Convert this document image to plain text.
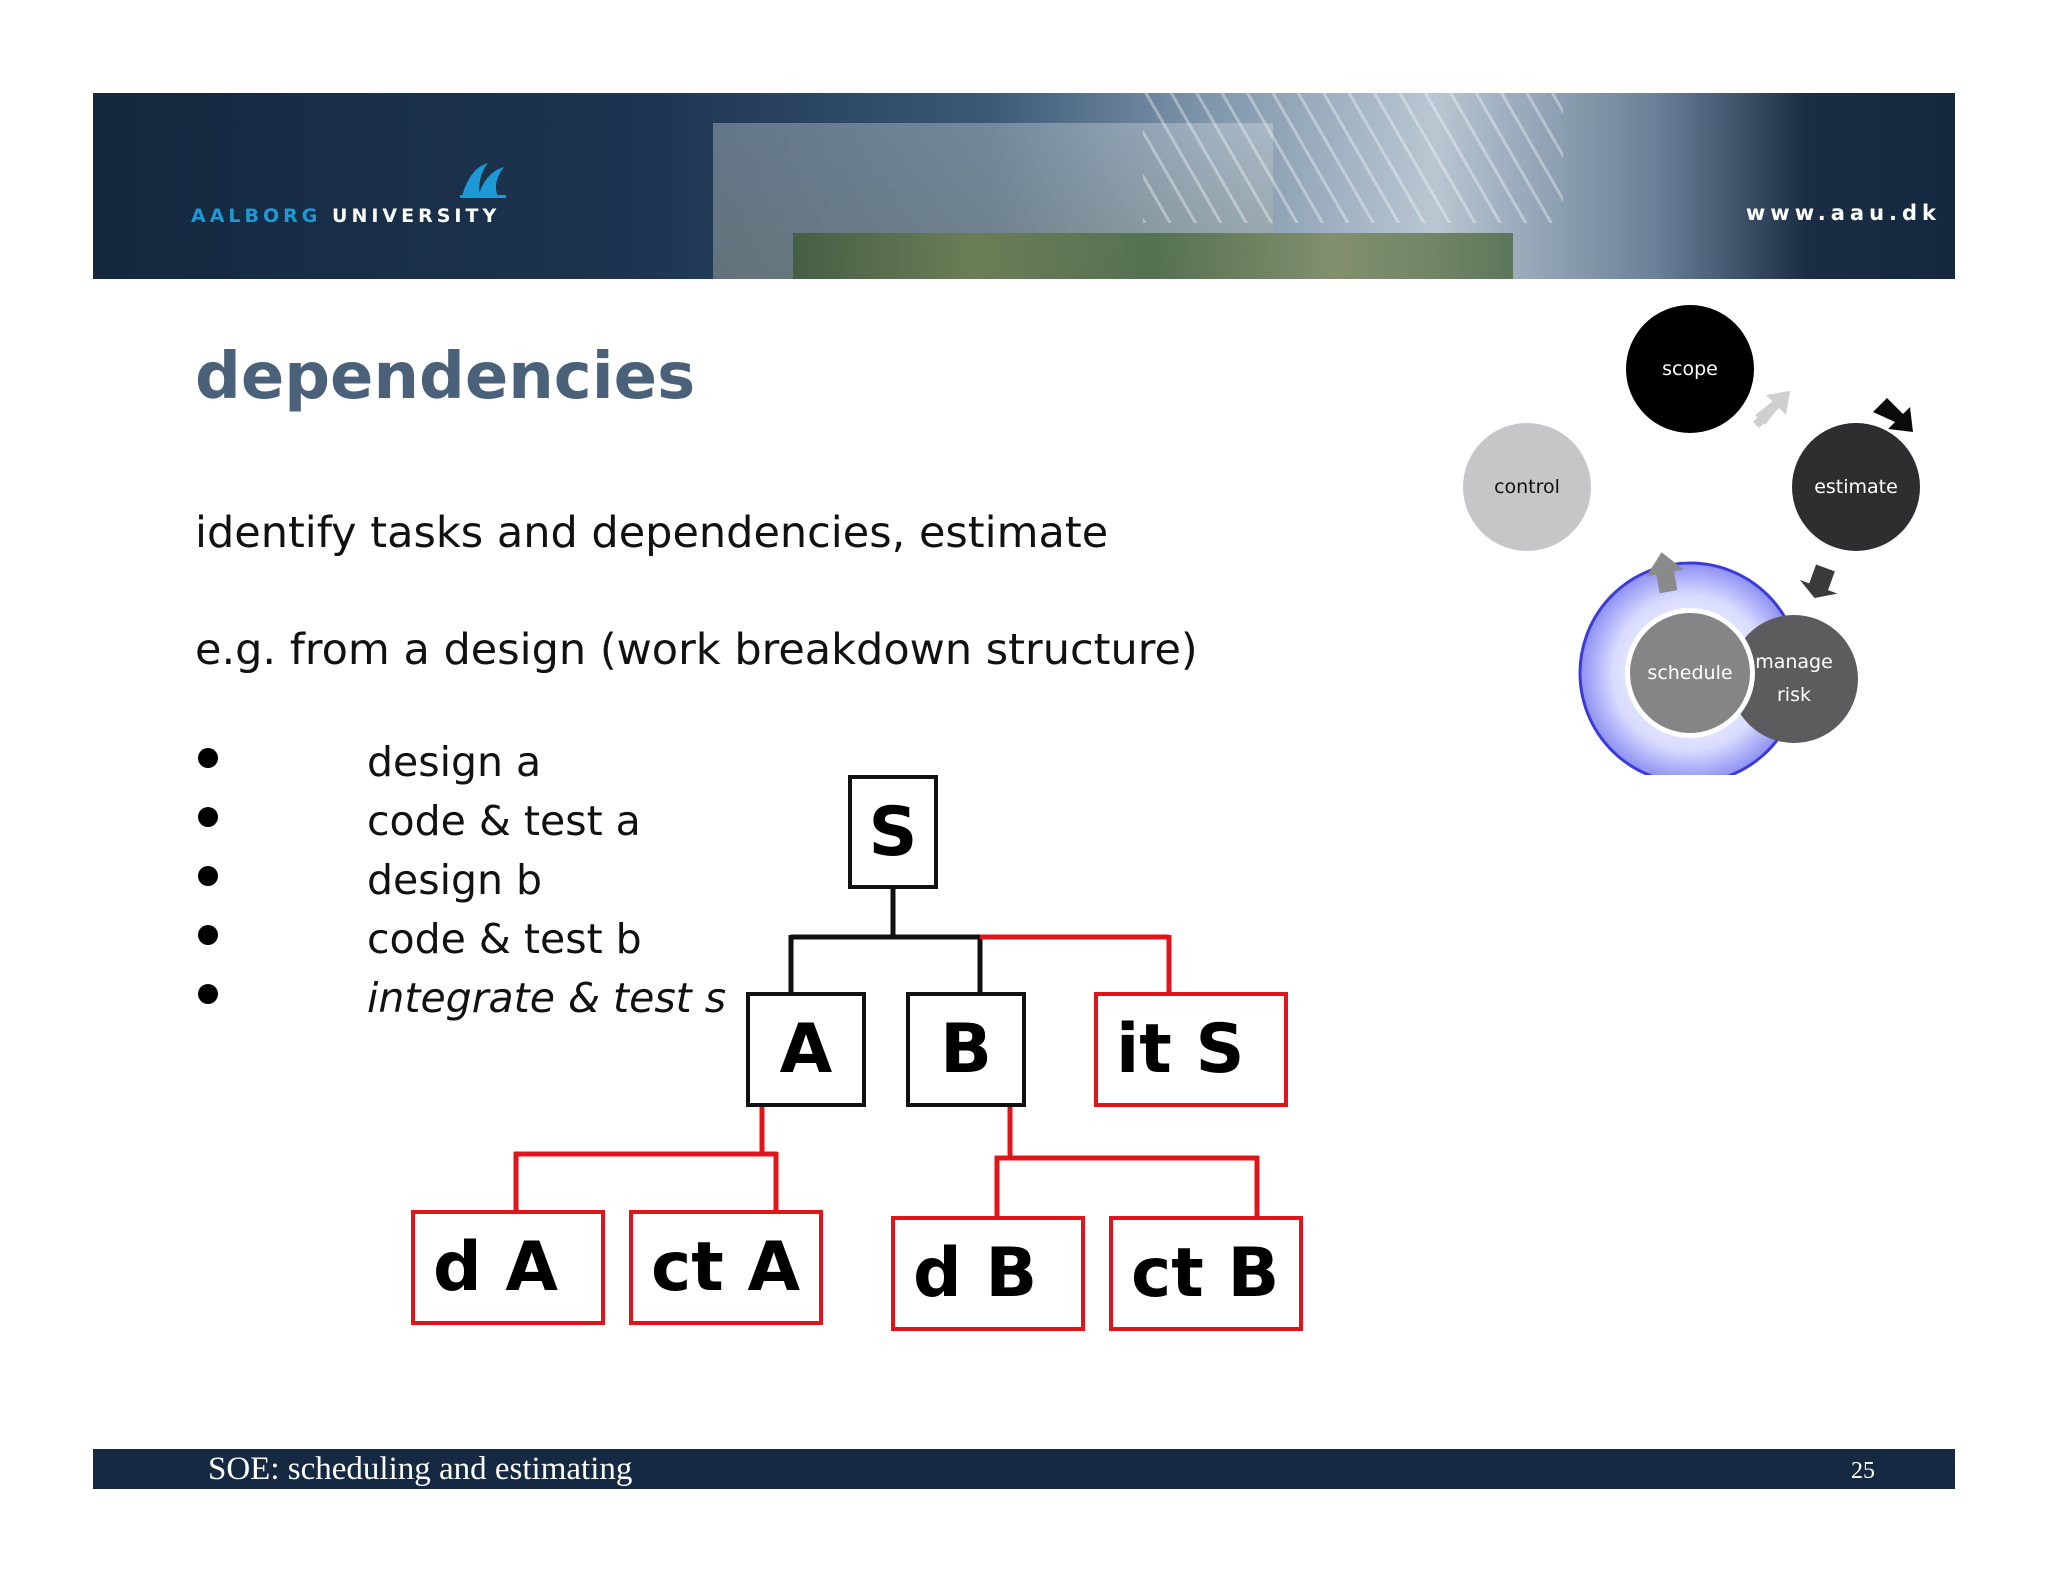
AALBORG UNIVERSITY	www.aau.dk
dependencies
identify tasks and dependencies, estimate
e.g. from a design (work breakdown structure)
design a
code & test a
design b
code & test b
integrate & test s
S
A B it S
d A ct A d B ct B
scope
estimate
manage
risk
schedule
control
SOE: scheduling and estimating	25
